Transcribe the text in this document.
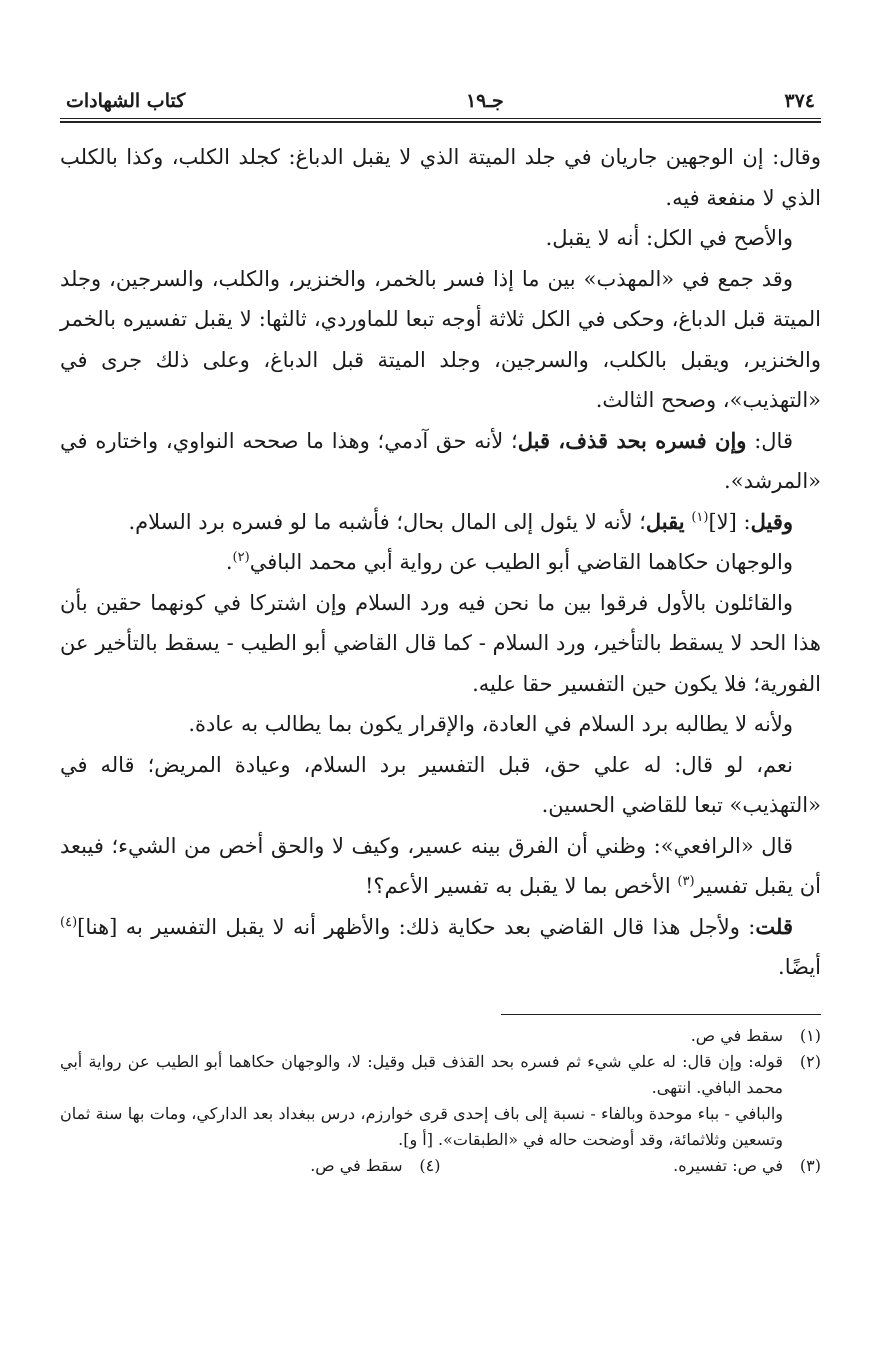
٣٧٤
جـ١٩
كتاب الشهادات

وقال: إن الوجهين جاريان في جلد الميتة الذي لا يقبل الدباغ: كجلد الكلب، وكذا بالكلب الذي لا منفعة فيه.

والأصح في الكل: أنه لا يقبل.

وقد جمع في «المهذب» بين ما إذا فسر بالخمر، والخنزير، والكلب، والسرجين، وجلد الميتة قبل الدباغ، وحكى في الكل ثلاثة أوجه تبعا للماوردي، ثالثها: لا يقبل تفسيره بالخمر والخنزير، ويقبل بالكلب، والسرجين، وجلد الميتة قبل الدباغ، وعلى ذلك جرى في «التهذيب»، وصحح الثالث.

قال: وإن فسره بحد قذف، قبل؛ لأنه حق آدمي؛ وهذا ما صححه النواوي، واختاره في «المرشد».

وقيل: [لا]$^{(١)}$ يقبل؛ لأنه لا يئول إلى المال بحال؛ فأشبه ما لو فسره برد السلام.

والوجهان حكاهما القاضي أبو الطيب عن رواية أبي محمد البافي$^{(٢)}$.

والقائلون بالأول فرقوا بين ما نحن فيه ورد السلام وإن اشتركا في كونهما حقين بأن هذا الحد لا يسقط بالتأخير، ورد السلام - كما قال القاضي أبو الطيب - يسقط بالتأخير عن الفورية؛ فلا يكون حين التفسير حقا عليه.

ولأنه لا يطالبه برد السلام في العادة، والإقرار يكون بما يطالب به عادة.

نعم، لو قال: له علي حق، قبل التفسير برد السلام، وعيادة المريض؛ قاله في «التهذيب» تبعا للقاضي الحسين.

قال «الرافعي»: وظني أن الفرق بينه عسير، وكيف لا والحق أخص من الشيء؛ فيبعد أن يقبل تفسير$^{(٣)}$ الأخص بما لا يقبل به تفسير الأعم؟!

قلت: ولأجل هذا قال القاضي بعد حكاية ذلك: والأظهر أنه لا يقبل التفسير به [هنا]$^{(٤)}$ أيضًا.

(١)
سقط في ص.
(٢)
قوله: وإن قال: له علي شيء ثم فسره بحد القذف قبل وقيل: لا، والوجهان حكاهما أبو الطيب عن رواية أبي محمد البافي. انتهى.
والبافي - بباء موحدة وبالفاء - نسبة إلى باف إحدى قرى خوارزم، درس ببغداد بعد الداركي، ومات بها سنة ثمان وتسعين وثلاثمائة، وقد أوضحت حاله في «الطبقات». [أ و].
(٣)
في ص: تفسيره.
(٤)
سقط في ص.
